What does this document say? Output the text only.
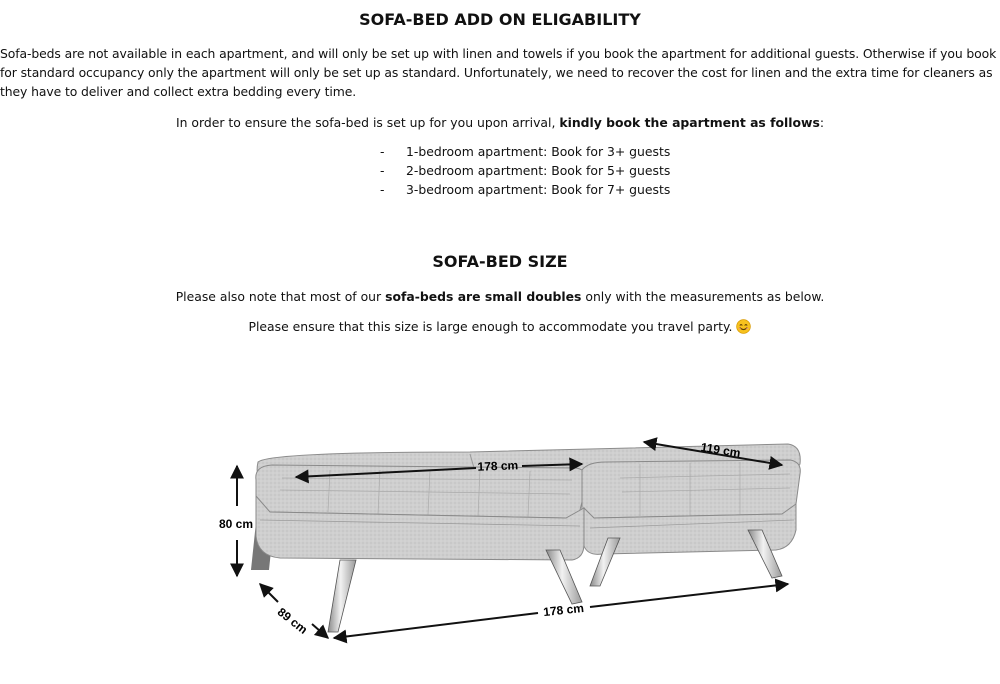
SOFA-BED ADD ON ELIGABILITY

Sofa-beds are not available in each apartment, and will only be set up with linen and towels if you book the apartment for additional guests. Otherwise if you book for standard occupancy only the apartment will only be set up as standard. Unfortunately, we need to recover the cost for linen and the extra time for cleaners as they have to deliver and collect extra bedding every time.

In order to ensure the sofa-bed is set up for you upon arrival, kindly book the apartment as follows:

- 1-bedroom apartment: Book for 3+ guests
- 2-bedroom apartment: Book for 5+ guests
- 3-bedroom apartment: Book for 7+ guests
SOFA-BED SIZE

Please also note that most of our sofa-beds are small doubles only with the measurements as below.

Please ensure that this size is large enough to accommodate you travel party.

178 cm
119 cm
80 cm
89 cm	178 cm
